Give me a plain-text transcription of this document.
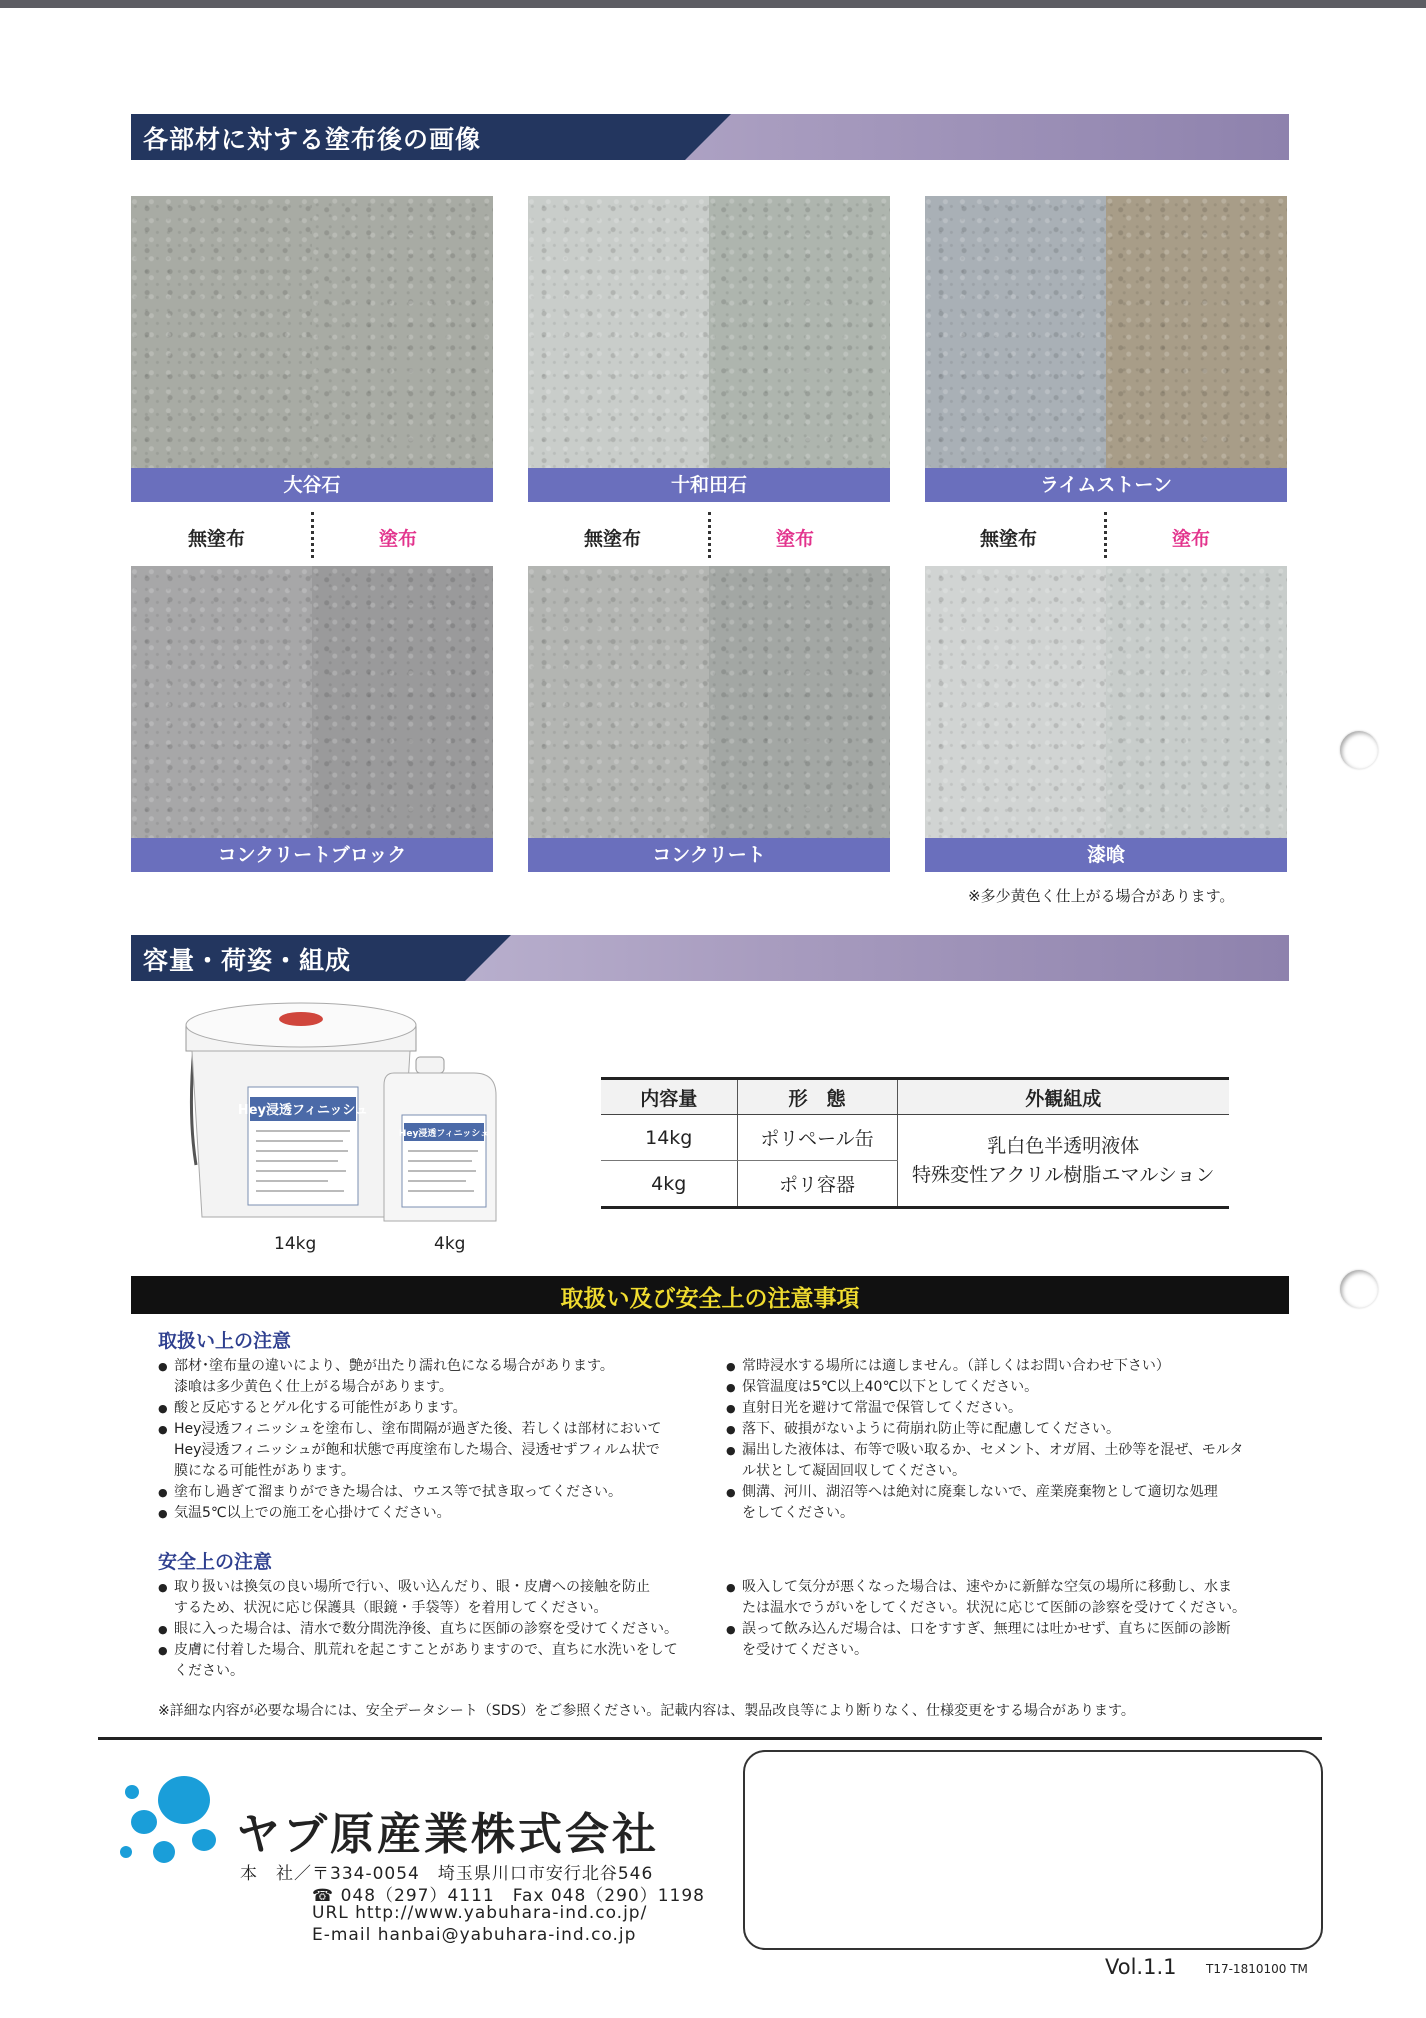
各部材に対する塗布後の画像
大谷石	十和田石	ライムストーン
無塗布	塗布	無塗布	塗布	無塗布	塗布
コンクリートブロック	コンクリート	漆喰
※多少黄色く仕上がる場合があります。
容量・荷姿・組成
Hey浸透フィニッシュ
Hey浸透フィニッシュ
14kg	4kg
内容量	形　態	外観組成
14kg	ポリペール缶	乳白色半透明液体
特殊変性アクリル樹脂エマルション
4kg	ポリ容器	
取扱い及び安全上の注意事項
取扱い上の注意
● 部材･塗布量の違いにより、艶が出たり濡れ色になる場合があります。
漆喰は多少黄色く仕上がる場合があります。
● 酸と反応するとゲル化する可能性があります。
● Hey浸透フィニッシュを塗布し、塗布間隔が過ぎた後、若しくは部材において
Hey浸透フィニッシュが飽和状態で再度塗布した場合、浸透せずフィルム状で
膜になる可能性があります。
● 塗布し過ぎて溜まりができた場合は、ウエス等で拭き取ってください。
● 気温5℃以上での施工を心掛けてください。
● 常時浸水する場所には適しません。（詳しくはお問い合わせ下さい）
● 保管温度は5℃以上40℃以下としてください。
● 直射日光を避けて常温で保管してください。
● 落下、破損がないように荷崩れ防止等に配慮してください。
● 漏出した液体は、布等で吸い取るか、セメント、オガ屑、土砂等を混ぜ、モルタ
ル状として凝固回収してください。
● 側溝、河川、湖沼等へは絶対に廃棄しないで、産業廃棄物として適切な処理
をしてください。
安全上の注意
● 取り扱いは換気の良い場所で行い、吸い込んだり、眼・皮膚への接触を防止
するため、状況に応じ保護具（眼鏡・手袋等）を着用してください。
● 眼に入った場合は、清水で数分間洗浄後、直ちに医師の診察を受けてください。
● 皮膚に付着した場合、肌荒れを起こすことがありますので、直ちに水洗いをして
ください。
● 吸入して気分が悪くなった場合は、速やかに新鮮な空気の場所に移動し、水ま
たは温水でうがいをしてください。状況に応じて医師の診察を受けてください。
● 誤って飲み込んだ場合は、口をすすぎ、無理には吐かせず、直ちに医師の診断
を受けてください。
※詳細な内容が必要な場合には、安全データシート（SDS）をご参照ください。記載内容は、製品改良等により断りなく、仕様変更をする場合があります。
ヤブ原産業株式会社
本　社／〒334-0054　埼玉県川口市安行北谷546
☎ 048（297）4111　Fax 048（290）1198
URL http://www.yabuhara-ind.co.jp/
E-mail hanbai@yabuhara-ind.co.jp
Vol.1.1 T17-1810100 TM
